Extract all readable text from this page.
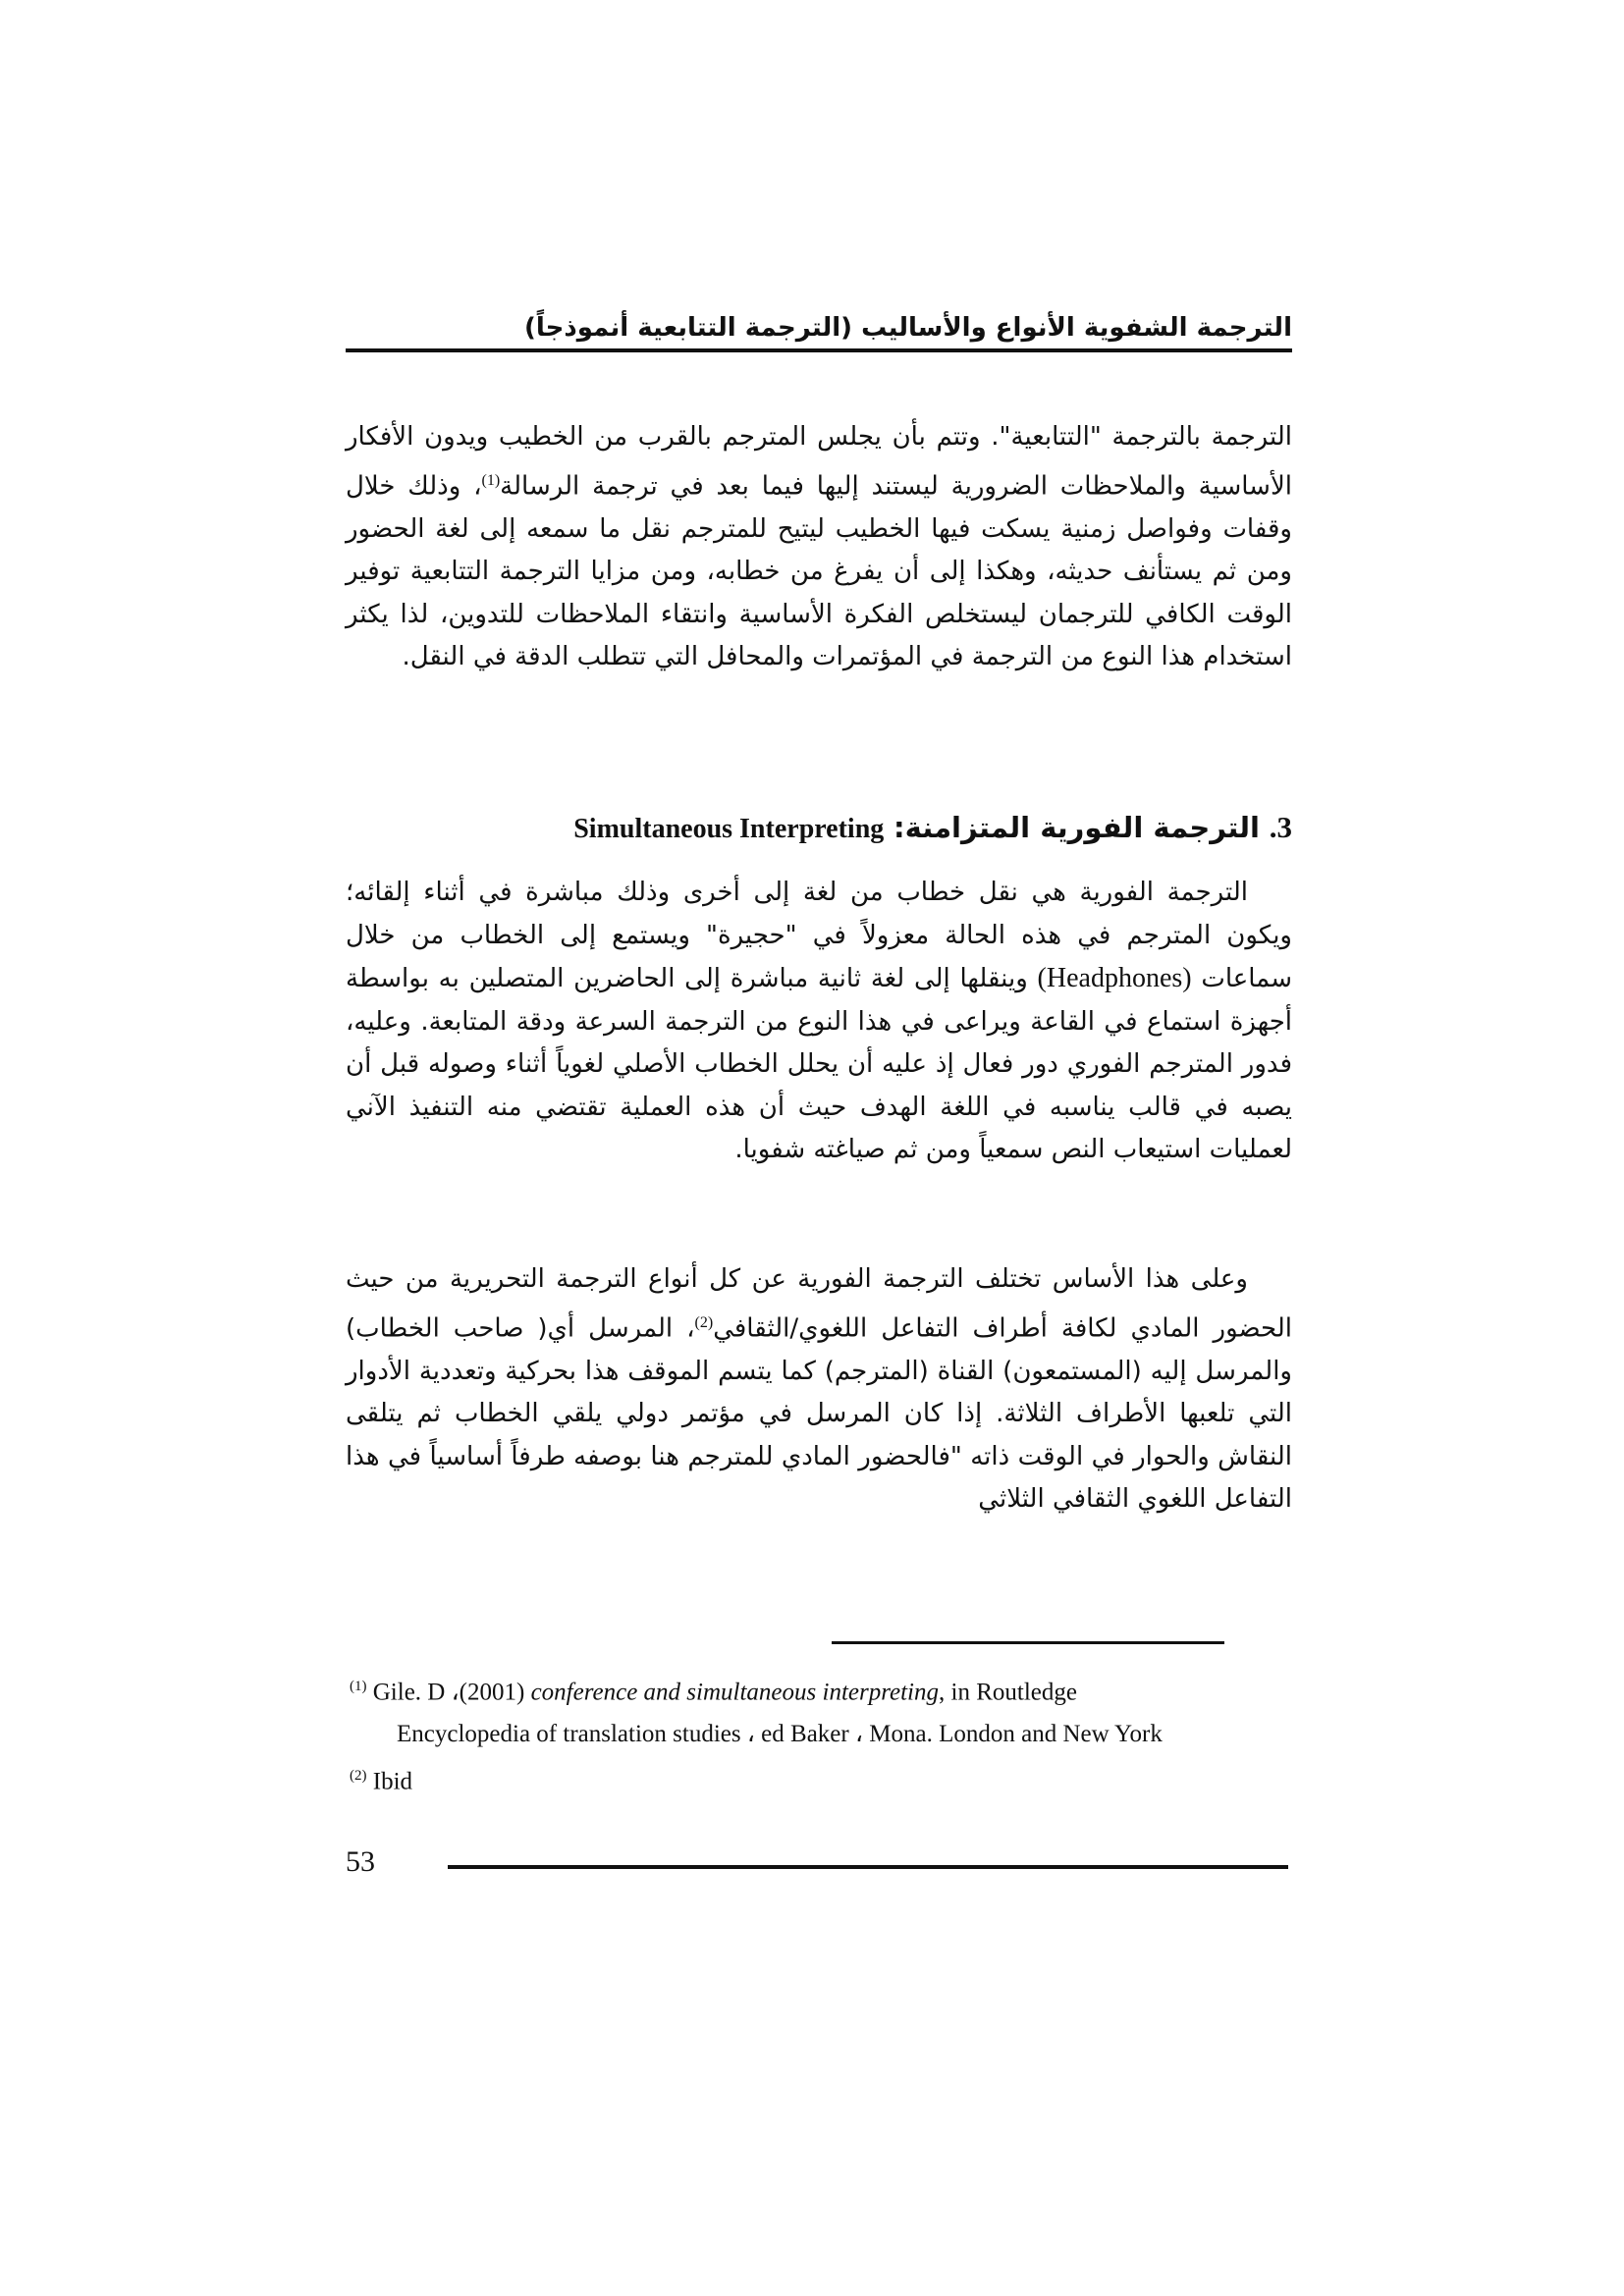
الترجمة الشفوية الأنواع والأساليب (الترجمة التتابعية أنموذجاً)

الترجمة بالترجمة "التتابعية". وتتم بأن يجلس المترجم بالقرب من الخطيب ويدون الأفكار الأساسية والملاحظات الضرورية ليستند إليها فيما بعد في ترجمة الرسالة$^{(1)}$، وذلك خلال وقفات وفواصل زمنية يسكت فيها الخطيب ليتيح للمترجم نقل ما سمعه إلى لغة الحضور ومن ثم يستأنف حديثه، وهكذا إلى أن يفرغ من خطابه، ومن مزايا الترجمة التتابعية توفير الوقت الكافي للترجمان ليستخلص الفكرة الأساسية وانتقاء الملاحظات للتدوين، لذا يكثر استخدام هذا النوع من الترجمة في المؤتمرات والمحافل التي تتطلب الدقة في النقل.

3. الترجمة الفورية المتزامنة: Simultaneous Interpreting

الترجمة الفورية هي نقل خطاب من لغة إلى أخرى وذلك مباشرة في أثناء إلقائه؛ ويكون المترجم في هذه الحالة معزولاً في "حجيرة" ويستمع إلى الخطاب من خلال سماعات (Headphones) وينقلها إلى لغة ثانية مباشرة إلى الحاضرين المتصلين به بواسطة أجهزة استماع في القاعة ويراعى في هذا النوع من الترجمة السرعة ودقة المتابعة. وعليه، فدور المترجم الفوري دور فعال إذ عليه أن يحلل الخطاب الأصلي لغوياً أثناء وصوله قبل أن يصبه في قالب يناسبه في اللغة الهدف حيث أن هذه العملية تقتضي منه التنفيذ الآني لعمليات استيعاب النص سمعياً ومن ثم صياغته شفويا.

وعلى هذا الأساس تختلف الترجمة الفورية عن كل أنواع الترجمة التحريرية من حيث الحضور المادي لكافة أطراف التفاعل اللغوي/الثقافي$^{(2)}$، المرسل أي( صاحب الخطاب) والمرسل إليه (المستمعون) القناة (المترجم) كما يتسم الموقف هذا بحركية وتعددية الأدوار التي تلعبها الأطراف الثلاثة. إذا كان المرسل في مؤتمر دولي يلقي الخطاب ثم يتلقى النقاش والحوار في الوقت ذاته "فالحضور المادي للمترجم هنا بوصفه طرفاً أساسياً في هذا التفاعل اللغوي الثقافي الثلاثي

$^{(1)}$ Gile. D ،(2001) conference and simultaneous interpreting, in Routledge

Encyclopedia of translation studies ، ed Baker ، Mona. London and New York

$^{(2)}$ Ibid

53
